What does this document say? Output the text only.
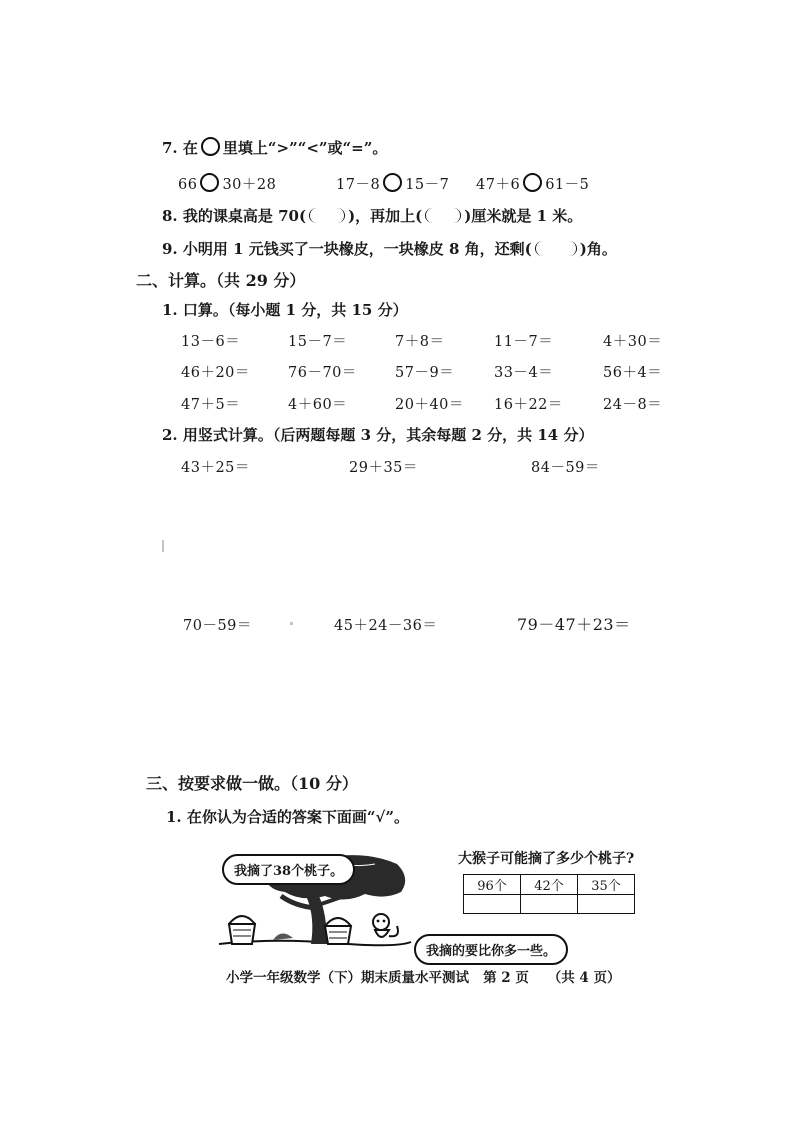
7. 在 里填上“>”“<”或“=”。
66 30＋28	17－8 15－7 47＋6 61－5
8. 我的课桌高是 70(	)，再加上(	)厘米就是 1 米。
9. 小明用 1 元钱买了一块橡皮，一块橡皮 8 角，还剩(	)角。
二、计算。（共 29 分）
1. 口算。（每小题 1 分，共 15 分）
13－6＝	15－7＝	7＋8＝	11－7＝	4＋30＝
46＋20＝	76－70＝	57－9＝	33－4＝	56＋4＝
47＋5＝	4＋60＝	20＋40＝ 16＋22＝	24－8＝
2. 用竖式计算。（后两题每题 3 分，其余每题 2 分，共 14 分）
43＋25＝	29＋35＝	84－59＝
70－59＝	45＋24－36＝	79－47＋23＝
三、按要求做一做。（10 分）
1. 在你认为合适的答案下面画“√”。
我摘了38个桃子。
我摘的要比你多一些。
大猴子可能摘了多少个桃子?
96个	42个	35个

小学一年级数学（下）期末质量水平测试   第 2 页    （共 4 页）
